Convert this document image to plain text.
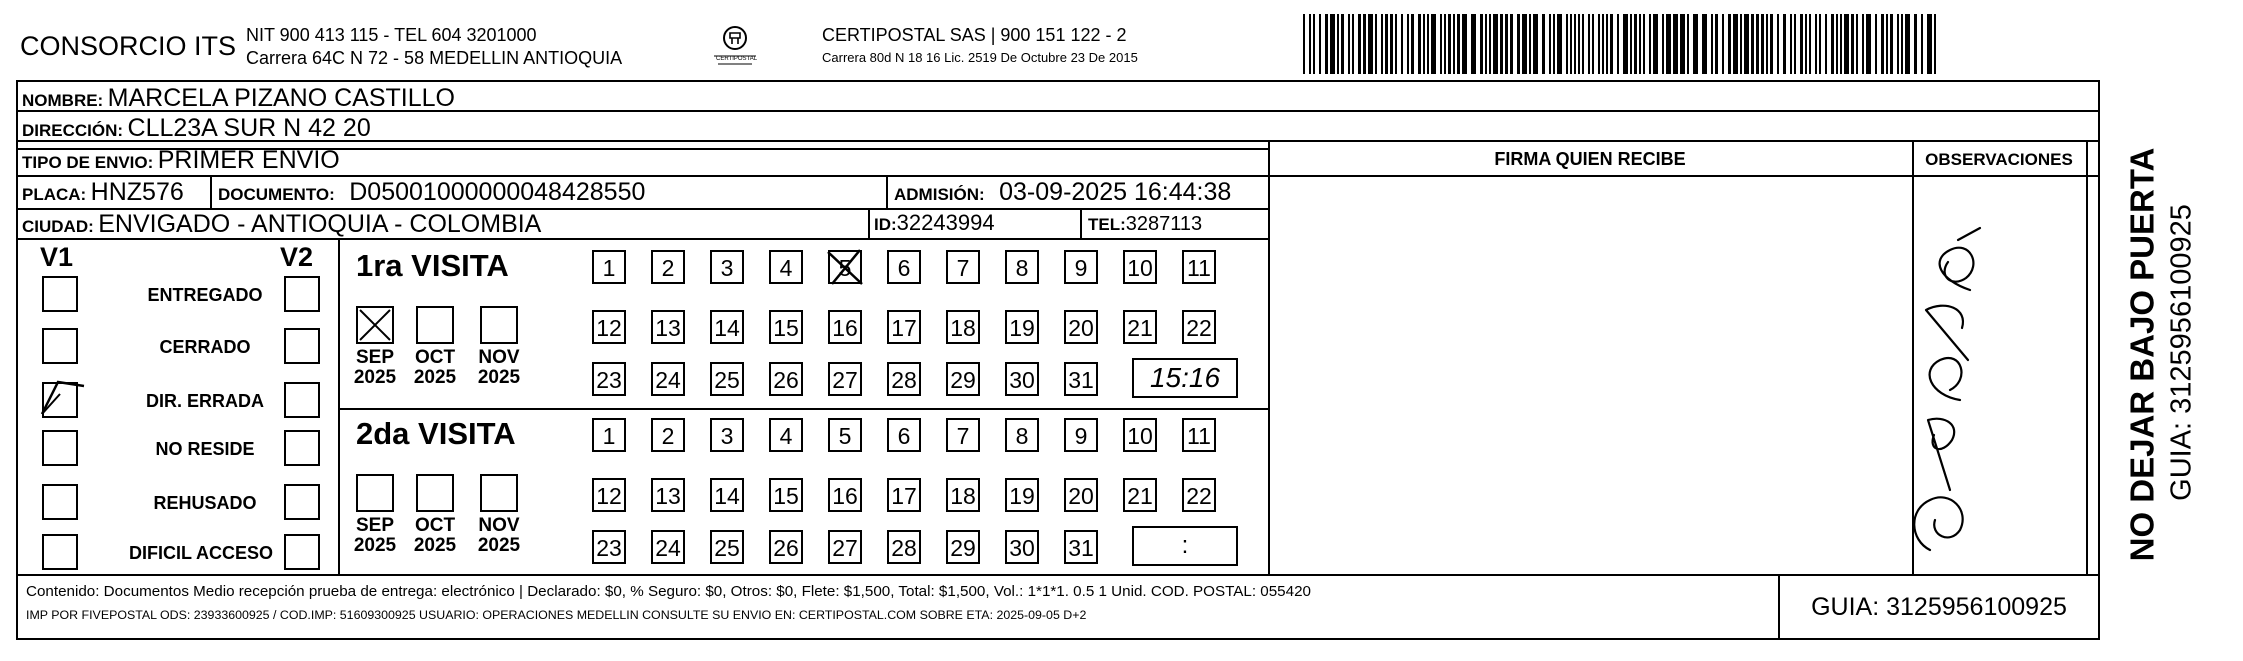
CONSORCIO ITS NIT 900 413 115 - TEL 604 3201000
Carrera 64C N 72 - 58 MEDELLIN ANTIOQUIA	CERTIPOSTAL
CERTIPOSTAL SAS | 900 151 122 - 2
Carrera 80d N 18 16 Lic. 2519 De Octubre 23 De 2015
NOMBRE: MARCELA PIZANO CASTILLO
DIRECCIÓN: CLL23A SUR N 42 20
TIPO DE ENVIO: PRIMER ENVIO
PLACA: HNZ576 DOCUMENTO: D05001000000048428550	ADMISIÓN: 03-09-2025 16:44:38
CIUDAD: ENVIGADO - ANTIOQUIA - COLOMBIA	ID:32243994	TEL:3287113
FIRMA QUIEN RECIBE	OBSERVACIONES
V1	V2
ENTREGADO
CERRADO
DIR. ERRADA
NO RESIDE
REHUSADO
DIFICIL ACCESO
1ra VISITA
SEP
2025
OCT
2025
NOV
2025
1	2	3	4	5	6	7	8	9	10 11
12 13 14 15 16 17 18 19 20 21 22
23 24 25 26 27 28 29 30 31	15:16
2da VISITA
SEP
2025
OCT
2025
NOV
2025
1	2	3	4	5	6	7	8	9	10 11
12 13 14 15 16 17 18 19 20 21 22
23 24 25 26 27 28 29 30 31	:
Contenido: Documentos Medio recepción prueba de entrega: electrónico | Declarado: $0, % Seguro: $0, Otros: $0, Flete: $1,500, Total: $1,500, Vol.: 1*1*1. 0.5 1 Unid. COD. POSTAL: 055420
IMP POR FIVEPOSTAL ODS: 23933600925 / COD.IMP: 51609300925 USUARIO: OPERACIONES MEDELLIN CONSULTE SU ENVIO EN: CERTIPOSTAL.COM SOBRE ETA: 2025-09-05 D+2	GUIA: 3125956100925
NO DEJAR BAJO PUERTA GUIA: 3125956100925
